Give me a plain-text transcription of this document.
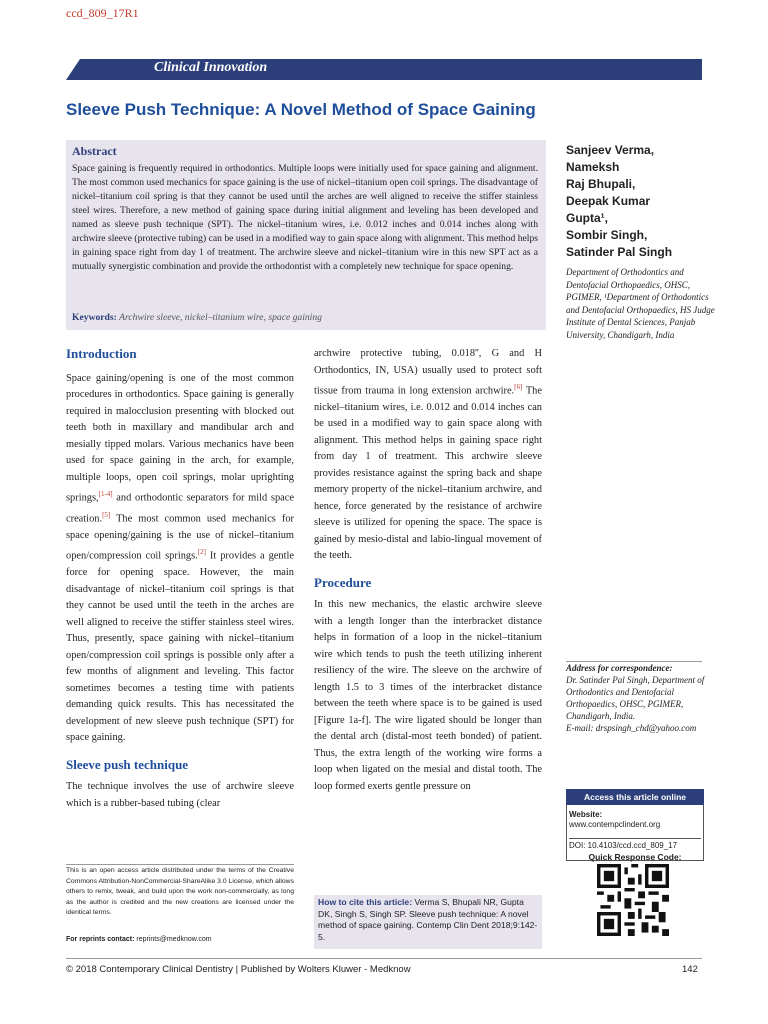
ccd_809_17R1
Clinical Innovation
Sleeve Push Technique: A Novel Method of Space Gaining
Abstract

Space gaining is frequently required in orthodontics. Multiple loops were initially used for space gaining and alignment. The most common used mechanics for space gaining is the use of nickel–titanium open coil springs. The disadvantage of nickel–titanium coil spring is that they cannot be used until the arches are well aligned to receive the stiffer stainless steel wires. Therefore, a new method of gaining space during initial alignment and leveling has been developed and named as sleeve push technique (SPT). The nickel–titanium wires, i.e. 0.012 inches and 0.014 inches along with archwire sleeve (protective tubing) can be used in a modified way to gain space along with alignment. This method helps in gaining space right from day 1 of treatment. The archwire sleeve and nickel–titanium wire in this new SPT act as a mutually synergistic combination and provide the orthodontist with a completely new technique for space opening.

Keywords: Archwire sleeve, nickel–titanium wire, space gaining
Sanjeev Verma,
Nameksh
Raj Bhupali,
Deepak Kumar
Gupta¹,
Sombir Singh,
Satinder Pal Singh
Department of Orthodontics and Dentofacial Orthopaedics, OHSC, PGIMER, ¹Department of Orthodontics and Dentofacial Orthopaedics, HS Judge Institute of Dental Sciences, Panjab University, Chandigarh, India
Introduction

Space gaining/opening is one of the most common procedures in orthodontics. Space gaining is generally required in malocclusion presenting with blocked out teeth both in maxillary and mandibular arch and mesially tipped molars. Various mechanics have been used for space gaining in the arch, for example, multiple loops, open coil springs, molar uprighting springs,[1-4] and orthodontic separators for mild space creation.[5] The most common used mechanics for space opening/gaining is the use of nickel–titanium open/compression coil springs.[2] It provides a gentle force for opening space. However, the main disadvantage of nickel–titanium coil springs is that they cannot be used until the teeth in the arches are well aligned to receive the stiffer stainless steel wires. Thus, presently, space gaining with nickel–titanium open/compression coil springs is possible only after a few months of alignment and leveling. This factor sometimes becomes a testing time with patients demanding quick results. This has necessitated the development of new sleeve push technique (SPT) for space gaining.

Sleeve push technique

The technique involves the use of archwire sleeve which is a rubber-based tubing (clear

archwire protective tubing, 0.018'', G and H Orthodontics, IN, USA) usually used to protect soft tissue from trauma in long extension archwire.[6] The nickel–titanium wires, i.e. 0.012 and 0.014 inches can be used in a modified way to gain space along with alignment. This method helps in gaining space right from day 1 of treatment. This archwire sleeve provides resistance against the spring back and shape memory property of the nickel–titanium archwire, and hence, force generated by the resistance of archwire sleeve is utilized for opening the space. The space is gained by mesio-distal and labio-lingual movement of the teeth.

Procedure

In this new mechanics, the elastic archwire sleeve with a length longer than the interbracket distance helps in formation of a loop in the nickel–titanium wire which tends to push the teeth utilizing inherent resiliency of the wire. The sleeve on the archwire of length 1.5 to 3 times of the interbracket distance between the teeth where space is to be gained is used [Figure 1a-f]. The wire ligated should be longer than the dental arch (distal-most teeth bonded) of patient. Thus, the extra length of the working wire forms a loop when ligated on the mesial and distal tooth. The loop formed exerts gentle pressure on

Address for correspondence:
Dr. Satinder Pal Singh, Department of Orthodontics and Dentofacial Orthopaedics, OHSC, PGIMER, Chandigarh, India.
E-mail: drspsingh_chd@yahoo.com
Website:
www.contempclindent.org
DOI: 10.4103/ccd.ccd_809_17
Access this article online
Quick Response Code:
How to cite this article: Verma S, Bhupali NR, Gupta DK, Singh S, Singh SP. Sleeve push technique: A novel method of space gaining. Contemp Clin Dent 2018;9:142-5.
This is an open access article distributed under the terms of the Creative Commons Attribution-NonCommercial-ShareAlike 3.0 License, which allows others to remix, tweak, and build upon the work non-commercially, as long as the author is credited and the new creations are licensed under the identical terms.
For reprints contact: reprints@medknow.com
© 2018 Contemporary Clinical Dentistry | Published by Wolters Kluwer - Medknow	142
